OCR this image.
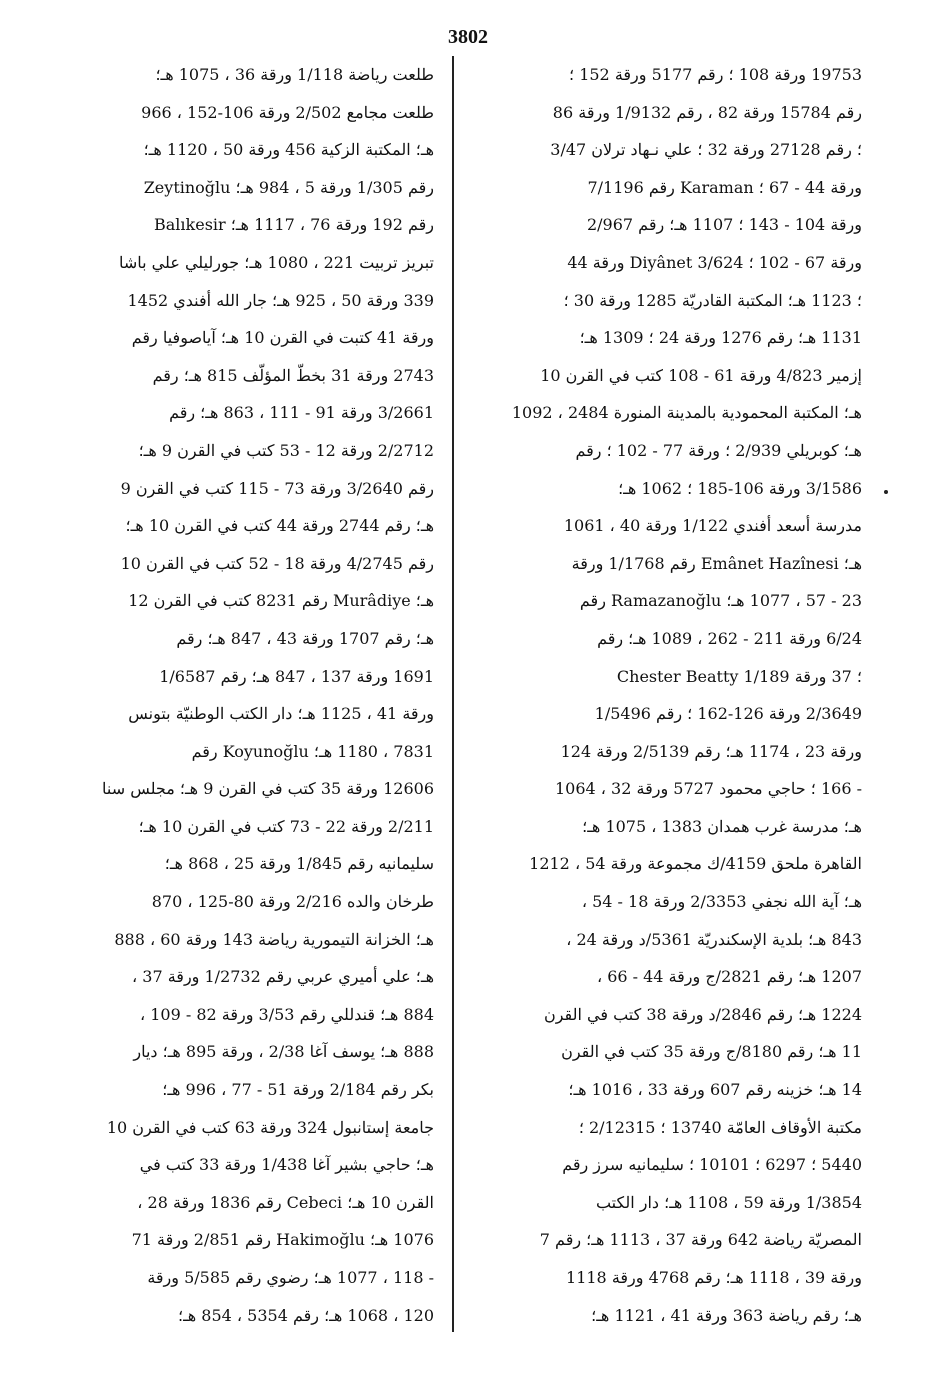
3802
19753 ورقة 108 ؛ رقم 5177 ورقة 152 ؛
رقم 15784 ورقة 82 ، رقم 1/9132 ورقة 86
؛ رقم 27128 ورقة 32 ؛ علي نـهاد ترلان 3/47
ورقة 44 - 67 ؛ Karaman رقم 7/1196
ورقة 104 - 143 ؛ 1107 هـ؛ رقم 2/967
ورقة 67 - 102 ؛ Diyânet 3/624 ورقة 44
؛ 1123 هـ؛ المكتبة القادريّة 1285 ورقة 30 ؛
1131 هـ؛ رقم 1276 ورقة 24 ؛ 1309 هـ؛
إزمير 4/823 ورقة 61 - 108 كتب في القرن 10
هـ؛ المكتبة المحمودية بالمدينة المنورة 2484 ، 1092
هـ؛ كوبريلي 2/939 ؛ ورقة 77 - 102 ؛ رقم
3/1586 ورقة 106-185 ؛ 1062 هـ؛
مدرسة أسعد أفندي 1/122 ورقة 40 ، 1061
هـ؛ Emânet Hazînesi رقم 1/1768 ورقة
23 - 57 ، 1077 هـ؛ Ramazanoğlu رقم
6/24 ورقة 211 - 262 ، 1089 هـ؛ رقم
Chester Beatty ؛ 37 ورقة 1/189
2/3649 ورقة 126-162 ؛ رقم 1/5496
ورقة 23 ، 1174 هـ؛ رقم 2/5139 ورقة 124
- 166 ؛ حاجي محمود 5727 ورقة 32 ، 1064
هـ؛ مدرسة غرب همدان 1383 ، 1075 هـ؛
القاهرة ملحق 4159/ك مجموعة ورقة 54 ، 1212
هـ؛ آية الله نجفي 2/3353 ورقة 18 - 54 ،
843 هـ؛ بلدية الإسكندريّة 5361/د ورقة 24 ،
1207 هـ؛ رقم 2821/ج ورقة 44 - 66 ،
1224 هـ؛ رقم 2846/د ورقة 38 كتب في القرن
11 هـ؛ رقم 8180/ج ورقة 35 كتب في القرن
14 هـ؛ خزينه رقم 607 ورقة 33 ، 1016 هـ؛
مكتبة الأوقاف العامّة 13740 ؛ 2/12315 ؛
5440 ؛ 6297 ؛ 10101 ؛ سليمانيه سرز رقم
1/3854 ورقة 59 ، 1108 هـ؛ دار الكتب
المصريّة رياضة 642 ورقة 37 ، 1113 هـ؛ رقم 7
ورقة 39 ، 1118 هـ؛ رقم 4768 ورقة 1118
هـ؛ رقم رياضة 363 ورقة 41 ، 1121 هـ؛
طلعت رياضة 1/118 ورقة 36 ، 1075 هـ؛
طلعت مجامع 2/502 ورقة 106-152 ، 966
هـ؛ المكتبة الزكية 456 ورقة 50 ، 1120 هـ؛
Zeytinoğlu رقم 1/305 ورقة 5 ، 984 هـ؛
Balıkesir رقم 192 ورقة 76 ، 1117 هـ؛
تبريز تربيت 221 ، 1080 هـ؛ جورليلي علي باشا
339 ورقة 50 ، 925 هـ؛ جار الله أفندي 1452
ورقة 41 كتبت في القرن 10 هـ؛ آياصوفيا رقم
2743 ورقة 31 بخطّ المؤلّف 815 هـ؛ رقم
3/2661 ورقة 91 - 111 ، 863 هـ؛ رقم
2/2712 ورقة 12 - 53 كتب في القرن 9 هـ؛
رقم 3/2640 ورقة 73 - 115 كتب في القرن 9
هـ؛ رقم 2744 ورقة 44 كتب في القرن 10 هـ؛
رقم 4/2745 ورقة 18 - 52 كتب في القرن 10
هـ؛ Murâdiye رقم 8231 كتب في القرن 12
هـ؛ رقم 1707 ورقة 43 ، 847 هـ؛ رقم
1691 ورقة 137 ، 847 هـ؛ رقم 1/6587
ورقة 41 ، 1125 هـ؛ دار الكتب الوطنيّة بتونس
7831 ، 1180 هـ؛ Koyunoğlu رقم
12606 ورقة 35 كتب في القرن 9 هـ؛ مجلس سنا
2/211 ورقة 22 - 73 كتب في القرن 10 هـ؛
سليمانيه رقم 1/845 ورقة 25 ، 868 هـ؛
طرخان والده 2/216 ورقة 80-125 ، 870
هـ؛ الخزانة التيمورية رياضة 143 ورقة 60 ، 888
هـ؛ علي أميري عربي رقم 1/2732 ورقة 37 ،
884 هـ؛ قندللي رقم 3/53 ورقة 82 - 109 ،
888 هـ؛ يوسف آغا 2/38 ، ورقة 895 هـ؛ ديار
بكر رقم 2/184 ورقة 51 - 77 ، 996 هـ؛
جامعة إستانبول 324 ورقة 63 كتب في القرن 10
هـ؛ حاجي بشير آغا 1/438 ورقة 33 كتب في
القرن 10 هـ؛ Cebeci رقم 1836 ورقة 28 ،
1076 هـ؛ Hakimoğlu رقم 2/851 ورقة 71
- 118 ، 1077 هـ؛ رضوي رقم 5/585 ورقة
120 ، 1068 هـ؛ رقم 5354 ، 854 هـ؛
